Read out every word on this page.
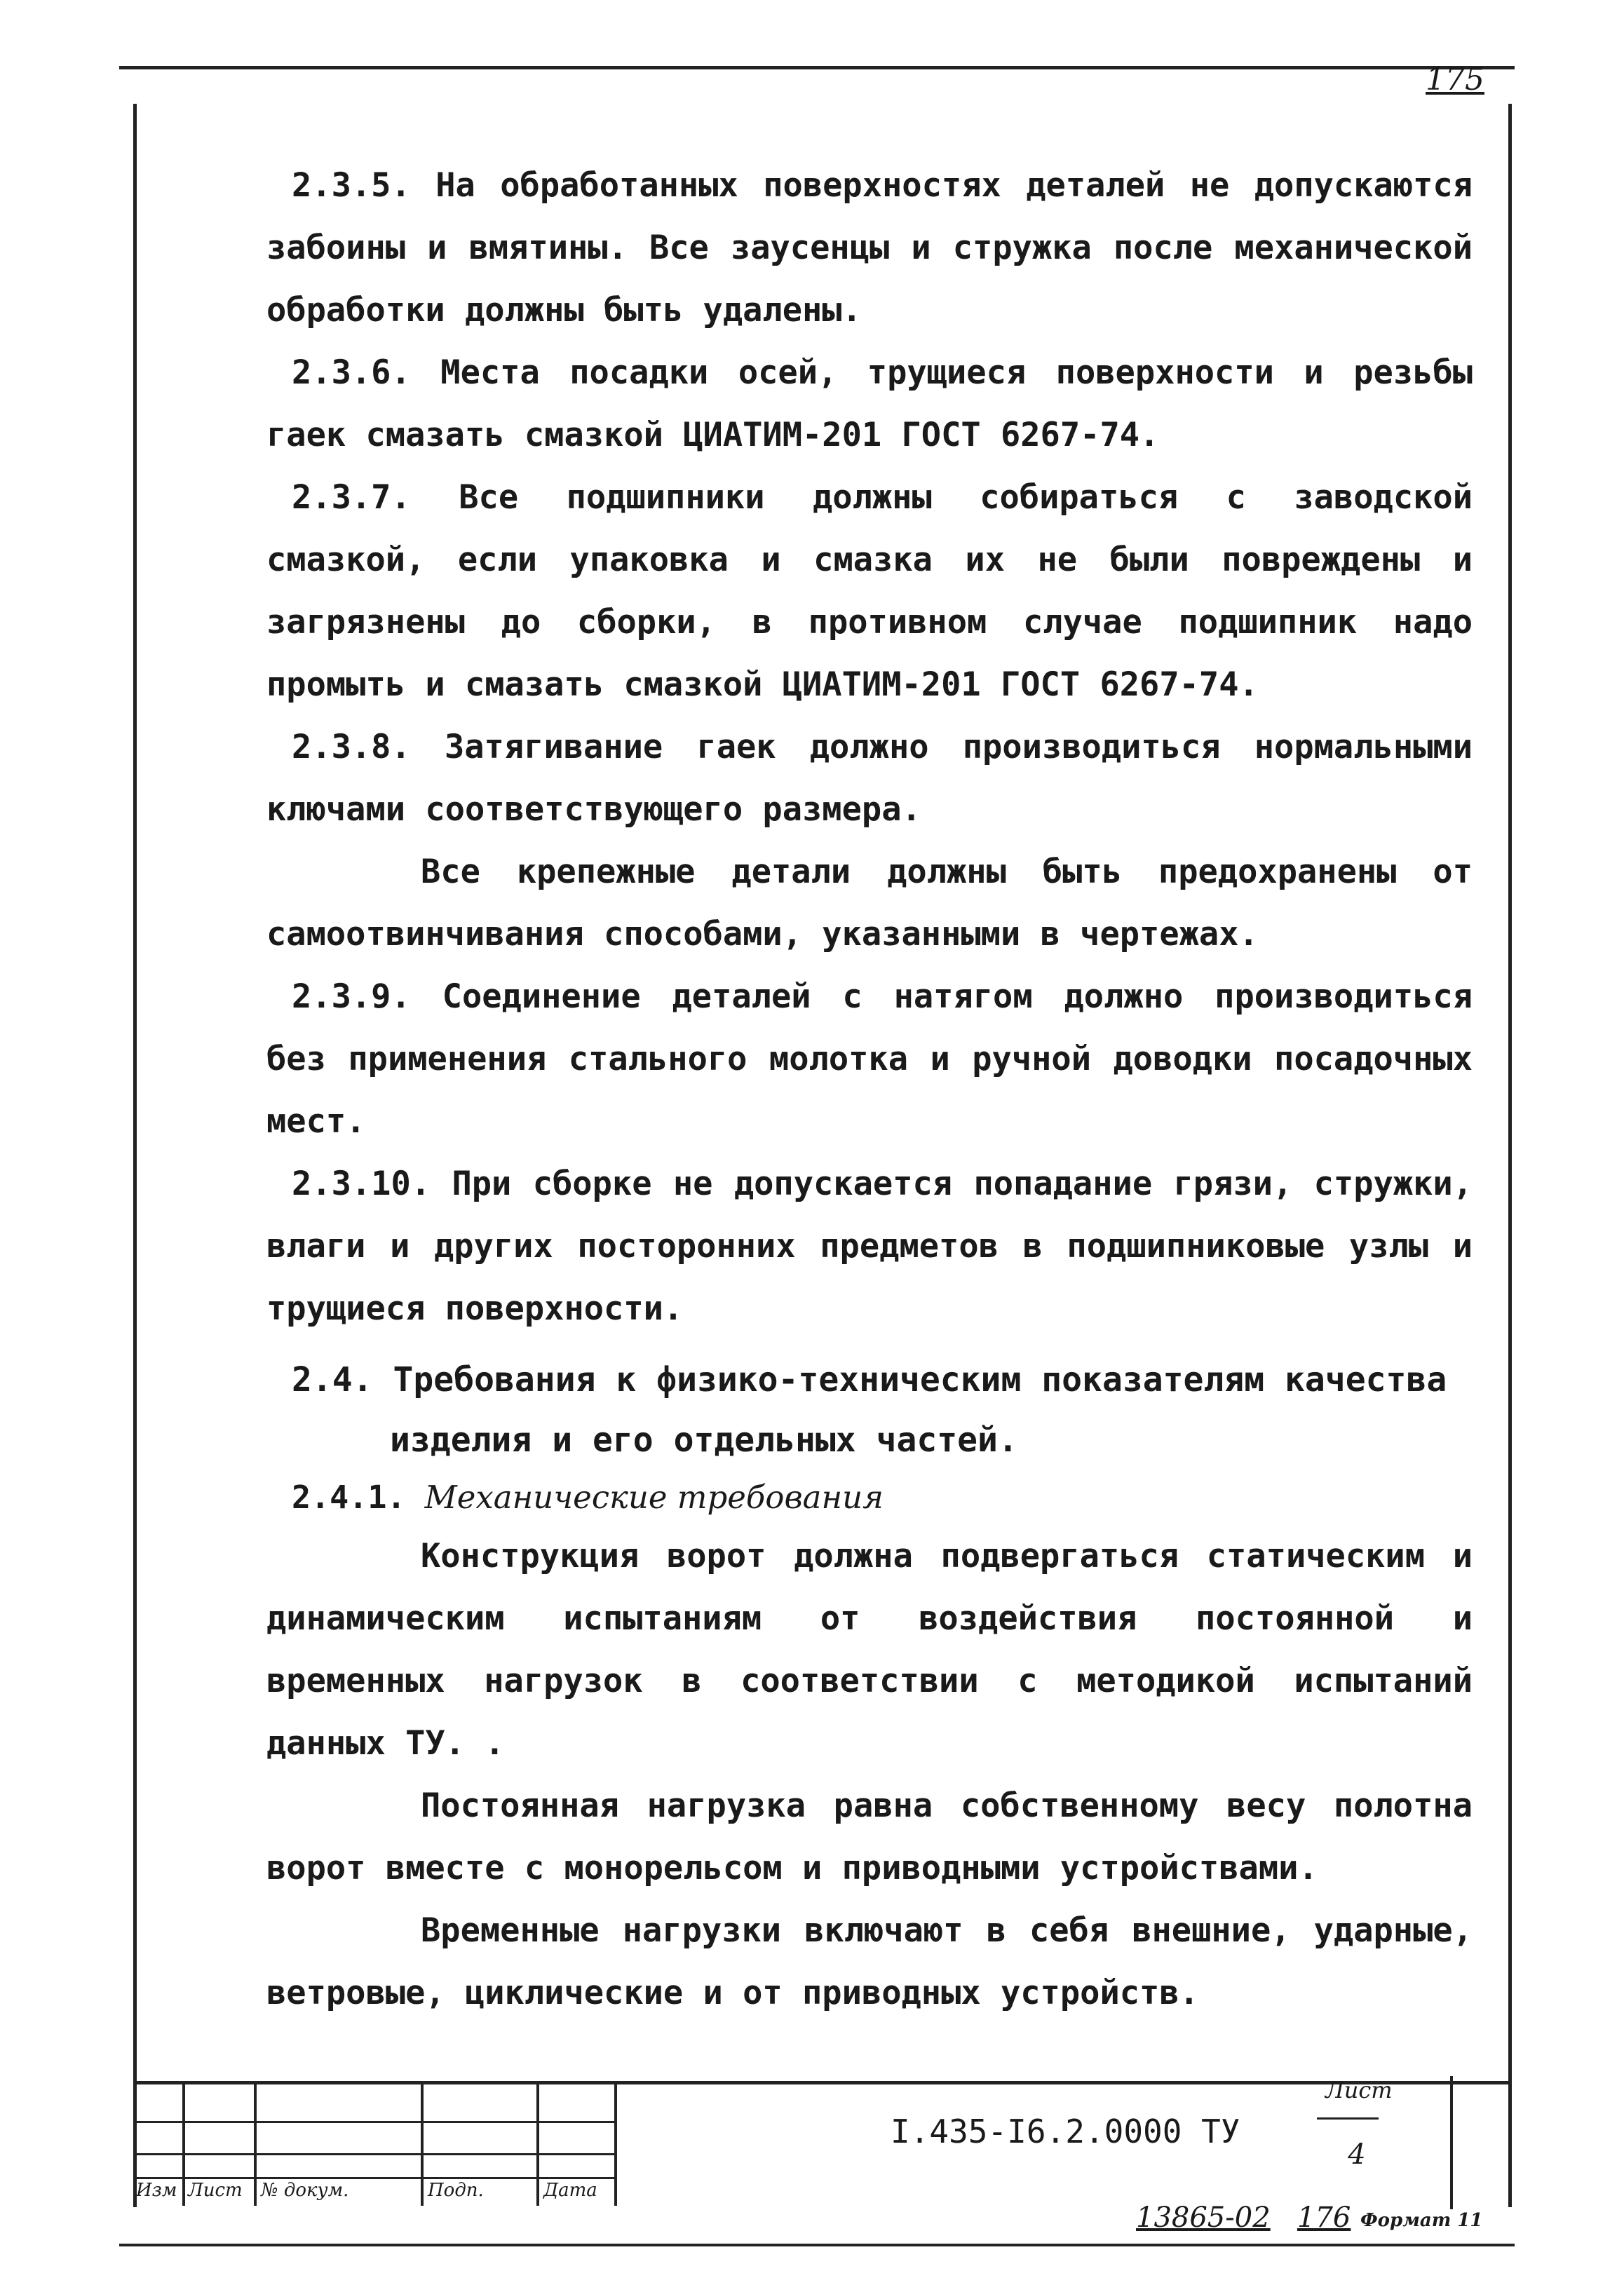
175
2.3.5. На обработанных поверхностях деталей не допускаются забоины и вмятины. Все заусенцы и стружка после механической обработки должны быть удалены.
2.3.6. Места посадки осей, трущиеся поверхности и резьбы гаек смазать смазкой ЦИАТИМ-201 ГОСТ 6267-74.
2.3.7. Все подшипники должны собираться с заводской смазкой, если упаковка и смазка их не были повреждены и загрязнены до сборки, в противном случае подшипник надо промыть и смазать смазкой ЦИАТИМ-201 ГОСТ 6267-74.
2.3.8. Затягивание гаек должно производиться нормальными ключами соответствующего размера.
Все крепежные детали должны быть предохранены от самоотвинчивания способами, указанными в чертежах.
2.3.9. Соединение деталей с натягом должно производиться без применения стального молотка и ручной доводки посадочных мест.
2.3.10. При сборке не допускается попадание грязи, стружки, влаги и других посторонних предметов в подшипниковые узлы и трущиеся поверхности.
2.4. Требования к физико-техническим показателям качества
изделия и его отдельных частей.
2.4.1. Механические требования
Конструкция ворот должна подвергаться статическим и динамическим испытаниям от воздействия постоянной и временных нагрузок в соответствии с методикой испытаний данных ТУ. .
Постоянная нагрузка равна собственному весу полотна ворот вместе с монорельсом и приводными устройствами.
Временные нагрузки включают в себя внешние, ударные, ветровые, циклические и от приводных устройств.
Изм Лист № докум.	Подп.	Дата
I.435-I6.2.0000 ТУ
Лист
4
13865-02 176 Формат 11
